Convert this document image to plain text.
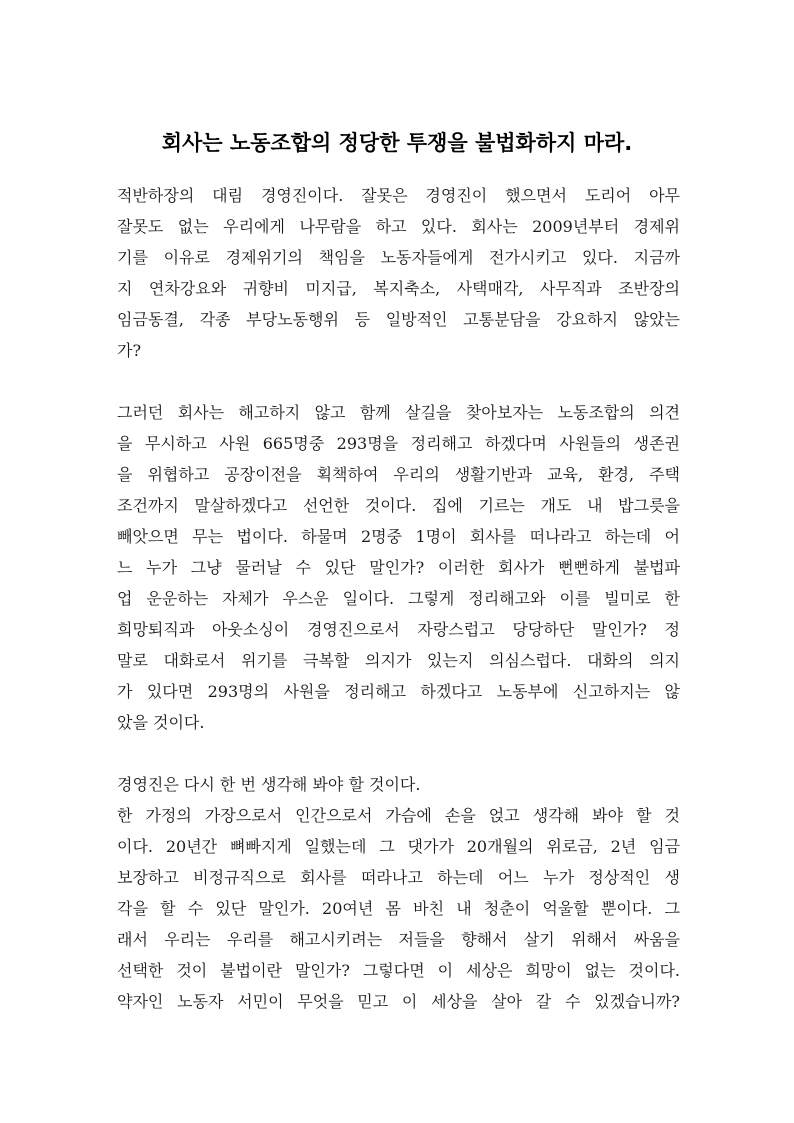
회사는 노동조합의 정당한 투쟁을 불법화하지 마라.
적반하장의 대림 경영진이다. 잘못은 경영진이 했으면서 도리어 아무
잘못도 없는 우리에게 나무람을 하고 있다. 회사는 2009년부터 경제위
기를 이유로 경제위기의 책임을 노동자들에게 전가시키고 있다. 지금까
지 연차강요와 귀향비 미지급, 복지축소, 사택매각, 사무직과 조반장의
임금동결, 각종 부당노동행위 등 일방적인 고통분담을 강요하지 않았는
가?
그러던 회사는 해고하지 않고 함께 살길을 찾아보자는 노동조합의 의견
을 무시하고 사원 665명중 293명을 정리해고 하겠다며 사원들의 생존권
을 위협하고 공장이전을 획책하여 우리의 생활기반과 교육, 환경, 주택
조건까지 말살하겠다고 선언한 것이다. 집에 기르는 개도 내 밥그릇을
빼앗으면 무는 법이다. 하물며 2명중 1명이 회사를 떠나라고 하는데 어
느 누가 그냥 물러날 수 있단 말인가? 이러한 회사가 뻔뻔하게 불법파
업 운운하는 자체가 우스운 일이다. 그렇게 정리해고와 이를 빌미로 한
희망퇴직과 아웃소싱이 경영진으로서 자랑스럽고 당당하단 말인가? 정
말로 대화로서 위기를 극복할 의지가 있는지 의심스럽다. 대화의 의지
가 있다면 293명의 사원을 정리해고 하겠다고 노동부에 신고하지는 않
았을 것이다.
경영진은 다시 한 번 생각해 봐야 할 것이다.
한 가정의 가장으로서 인간으로서 가슴에 손을 얹고 생각해 봐야 할 것
이다. 20년간 뼈빠지게 일했는데 그 댓가가 20개월의 위로금, 2년 임금
보장하고 비정규직으로 회사를 떠라나고 하는데 어느 누가 정상적인 생
각을 할 수 있단 말인가. 20여년 몸 바친 내 청춘이 억울할 뿐이다. 그
래서 우리는 우리를 해고시키려는 저들을 향해서 살기 위해서 싸움을
선택한 것이 불법이란 말인가? 그렇다면 이 세상은 희망이 없는 것이다.
약자인 노동자 서민이 무엇을 믿고 이 세상을 살아 갈 수 있겠습니까?
